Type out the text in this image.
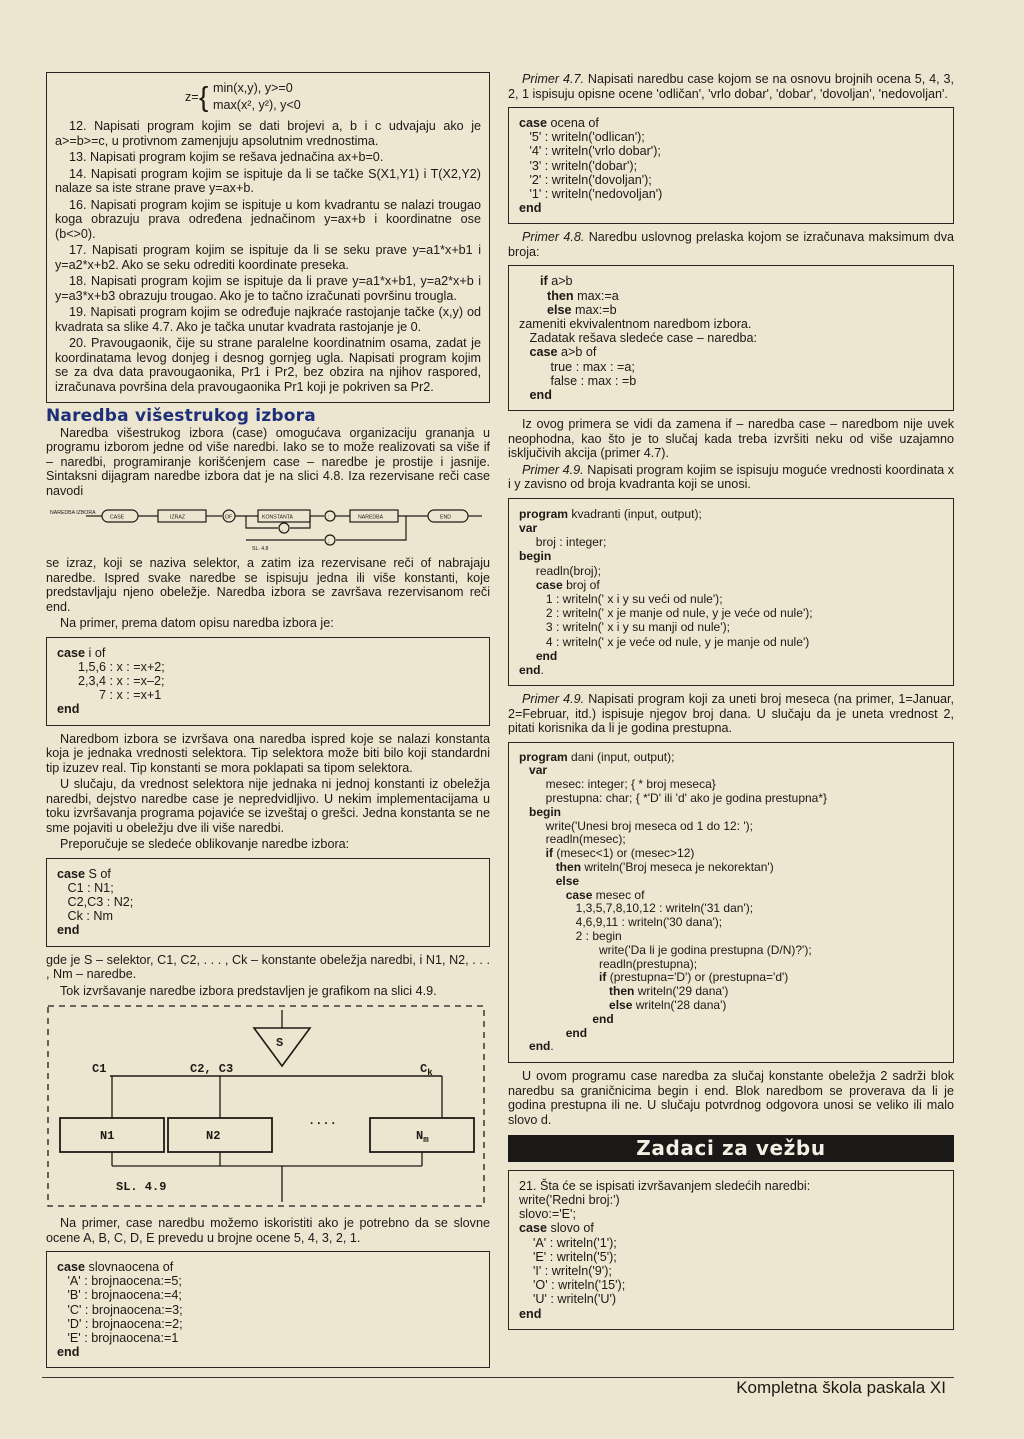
z= { min(x,y), y>=0
max(x², y²), y<0

12. Napisati program kojim se dati brojevi a, b i c udvajaju ako je a>=b>=c, u protivnom zamenjuju apsolutnim vrednostima.

13. Napisati program kojim se rešava jednačina ax+b=0.

14. Napisati program kojim se ispituje da li se tačke S(X1,Y1) i T(X2,Y2) nalaze sa iste strane prave y=ax+b.

16. Napisati program kojim se ispituje u kom kvadrantu se nalazi trougao koga obrazuju prava određena jednačinom y=ax+b i koordinatne ose (b<>0).

17. Napisati program kojim se ispituje da li se seku prave y=a1*x+b1 i y=a2*x+b2. Ako se seku odrediti koordinate preseka.

18. Napisati program kojim se ispituje da li prave y=a1*x+b1, y=a2*x+b i y=a3*x+b3 obrazuju trougao. Ako je to tačno izračunati površinu trougla.

19. Napisati program kojim se određuje najkraće rastojanje tačke (x,y) od kvadrata sa slike 4.7. Ako je tačka unutar kvadrata rastojanje je 0.

20. Pravougaonik, čije su strane paralelne koordinatnim osama, zadat je koordinatama levog donjeg i desnog gornjeg ugla. Napisati program kojim se za dva data pravougaonika, Pr1 i Pr2, bez obzira na njihov raspored, izračunava površina dela pravougaonika Pr1 koji je pokriven sa Pr2.

Naredba višestrukog izbora

Naredba višestrukog izbora (case) omogućava organizaciju grananja u programu izborom jedne od više naredbi. Iako se to može realizovati sa više if – naredbi, programiranje korišćenjem case – naredbe je prostije i jasnije. Sintaksni dijagram naredbe izbora dat je na slici 4.8. Iza rezervisane reči case navodi

NAREDBA IZBORA
CASE	IZRAZ	OF	KONSTANTA	:
,
NAREDBA
;
END
SL. 4.8

se izraz, koji se naziva selektor, a zatim iza rezervisane reči of nabrajaju naredbe. Ispred svake naredbe se ispisuju jedna ili više konstanti, koje predstavljaju njeno obeležje. Naredba izbora se završava rezervisanom reči end.

Na primer, prema datom opisu naredba izbora je:

case i of
1,5,6 : x : =x+2;
2,3,4 : x : =x–2;
7 : x : =x+1
end

Naredbom izbora se izvršava ona naredba ispred koje se nalazi konstanta koja je jednaka vrednosti selektora. Tip selektora može biti bilo koji standardni tip izuzev real. Tip konstanti se mora poklapati sa tipom selektora.

U slučaju, da vrednost selektora nije jednaka ni jednoj konstanti iz obeležja naredbi, dejstvo naredbe case je nepredvidljivo. U nekim implementacijama u toku izvršavanja programa pojaviće se izveštaj o grešci. Jedna konstanta se ne sme pojaviti u obeležju dve ili više naredbi.

Preporučuje se sledeće oblikovanje naredbe izbora:

case S of
C1 : N1;
C2,C3 : N2;
Ck : Nm
end

gde je S – selektor, C1, C2, . . . , Ck – konstante obeležja naredbi, i N1, N2, . . . , Nm – naredbe.

Tok izvršavanje naredbe izbora predstavljen je grafikom na slici 4.9.

S
C1	C2, C3	$C_k$
N1	N2
....
$N_m$
SL. 4.9

Na primer, case naredbu možemo iskoristiti ako je potrebno da se slovne ocene A, B, C, D, E prevedu u brojne ocene 5, 4, 3, 2, 1.

case slovnaocena of
'A' : brojnaocena:=5;
'B' : brojnaocena:=4;
'C' : brojnaocena:=3;
'D' : brojnaocena:=2;
'E' : brojnaocena:=1
end

Primer 4.7. Napisati naredbu case kojom se na osnovu brojnih ocena 5, 4, 3, 2, 1 ispisuju opisne ocene 'odličan', 'vrlo dobar', 'dobar', 'dovoljan', 'nedovoljan'.

case ocena of
'5' : writeln('odlican');
'4' : writeln('vrlo dobar');
'3' : writeln('dobar');
'2' : writeln('dovoljan');
'1' : writeln('nedovoljan')
end

Primer 4.8. Naredbu uslovnog prelaska kojom se izračunava maksimum dva broja:

if a>b
then max:=a
else max:=b
zameniti ekvivalentnom naredbom izbora.
Zadatak rešava sledeće case – naredba:
case a>b of
true : max : =a;
false : max : =b
end

Iz ovog primera se vidi da zamena if – naredba case – naredbom nije uvek neophodna, kao što je to slučaj kada treba izvršiti neku od više uzajamno isključivih akcija (primer 4.7).

Primer 4.9. Napisati program kojim se ispisuju moguće vrednosti koordinata x i y zavisno od broja kvadranta koji se unosi.

program kvadranti (input, output);
var
broj : integer;
begin
readln(broj);
case broj of
1 : writeln(' x i y su veći od nule');
2 : writeln(' x je manje od nule, y je veće od nule');
3 : writeln(' x i y su manji od nule');
4 : writeln(' x je veće od nule, y je manje od nule')
end
end.

Primer 4.9. Napisati program koji za uneti broj meseca (na primer, 1=Januar, 2=Februar, itd.) ispisuje njegov broj dana. U slučaju da je uneta vrednost 2, pitati korisnika da li je godina prestupna.

program dani (input, output);
var
mesec: integer; { * broj meseca}
prestupna: char; { *'D' ili 'd' ako je godina prestupna*}
begin
write('Unesi broj meseca od 1 do 12: ');
readln(mesec);
if (mesec<1) or (mesec>12)
then writeln('Broj meseca je nekorektan')
else
case mesec of
1,3,5,7,8,10,12 : writeln('31 dan');
4,6,9,11 : writeln('30 dana');
2 : begin
write('Da li je godina prestupna (D/N)?');
readln(prestupna);
if (prestupna='D') or (prestupna='d')
then writeln('29 dana')
else writeln('28 dana')
end
end
end.

U ovom programu case naredba za slučaj konstante obeležja 2 sadrži blok naredbu sa graničnicima begin i end. Blok naredbom se proverava da li je godina prestupna ili ne. U slučaju potvrdnog odgovora unosi se veliko ili malo slovo d.

Zadaci za vežbu
21. Šta će se ispisati izvršavanjem sledećih naredbi:
write('Redni broj:')
slovo:='E';
case slovo of
'A' : writeln('1');
'E' : writeln('5');
'I' : writeln('9');
'O' : writeln('15');
'U' : writeln('U')
end
Kompletna škola paskala XI
